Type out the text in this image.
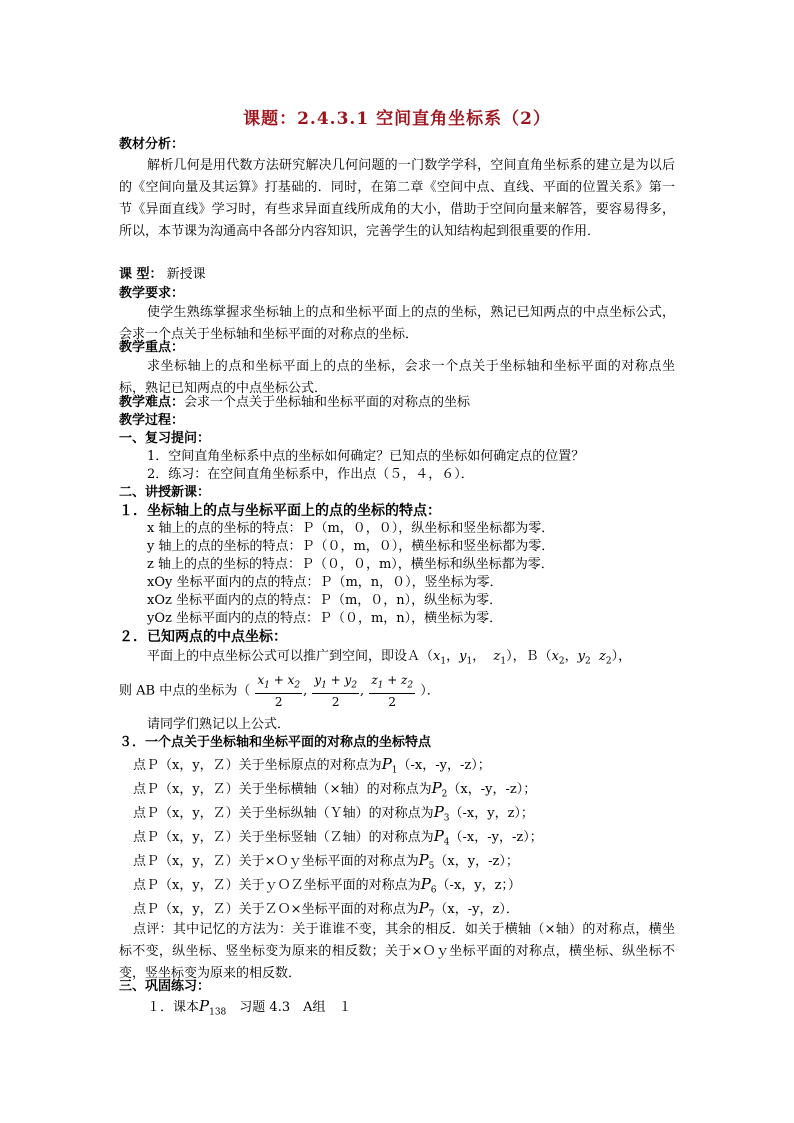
课题：2.4.3.1 空间直角坐标系（2）
教材分析：
解析几何是用代数方法研究解决几何问题的一门数学学科，空间直角坐标系的建立是为以后的《空间向量及其运算》打基础的．同时，在第二章《空间中点、直线、平面的位置关系》第一节《异面直线》学习时，有些求异面直线所成角的大小，借助于空间向量来解答，要容易得多，所以，本节课为沟通高中各部分内容知识，完善学生的认知结构起到很重要的作用．
课 型： 新授课
教学要求：
使学生熟练掌握求坐标轴上的点和坐标平面上的点的坐标，熟记已知两点的中点坐标公式，会求一个点关于坐标轴和坐标平面的对称点的坐标．
教学重点：
求坐标轴上的点和坐标平面上的点的坐标，会求一个点关于坐标轴和坐标平面的对称点坐标，熟记已知两点的中点坐标公式．
教学难点：会求一个点关于坐标轴和坐标平面的对称点的坐标
教学过程：
一、复习提问：
1．空间直角坐标系中点的坐标如何确定？已知点的坐标如何确定点的位置？
2．练习：在空间直角坐标系中，作出点（５，４，６）．
二、讲授新课：
１．坐标轴上的点与坐标平面上的点的坐标的特点：
x 轴上的点的坐标的特点：Ｐ（m，０，０），纵坐标和竖坐标都为零．
y 轴上的点的坐标的特点：Ｐ（０，m，０），横坐标和竖坐标都为零．
z 轴上的点的坐标的特点：Ｐ（０，０，m），横坐标和纵坐标都为零．
xOy 坐标平面内的点的特点：Ｐ（m，n，０），竖坐标为零．
xOz 坐标平面内的点的特点：Ｐ（m，０，n），纵坐标为零．
yOz 坐标平面内的点的特点：Ｐ（０，m，n），横坐标为零．
２．已知两点的中点坐标：
平面上的中点坐标公式可以推广到空间，即设$A(x_1$，$y_1$，  $z_1$），$B(x_2$，$y_2$ $z_2$），
则 AB 中点的坐标为（ $\frac{x_1 + x_2}{2}$ , $\frac{y_1 + y_2}{2}$ , $\frac{z_1 + z_2}{2}$ ）．
请同学们熟记以上公式．
３．一个点关于坐标轴和坐标平面的对称点的坐标特点
点Ｐ（x，y，Ｚ）关于坐标原点的对称点为$P_1(-x$，-y，-z）；
点Ｐ（x，y，Ｚ）关于坐标横轴（×轴）的对称点为$P_2(x$，-y，-z）；
点Ｐ（x，y，Ｚ）关于坐标纵轴（Ｙ轴）的对称点为$P_3(-x$，y，z）；
点Ｐ（x，y，Ｚ）关于坐标竖轴（Ｚ轴）的对称点为$P_4(-x$，-y，-z）；
点Ｐ（x，y，Ｚ）关于×Ｏｙ坐标平面的对称点为$P_5(x$，y，-z）；
点Ｐ（x，y，Ｚ）关于ｙＯＺ坐标平面的对称点为$P_6(-x$，y，z；）
点Ｐ（x，y，Ｚ）关于ＺＯ×坐标平面的对称点为$P_7(x$，-y，z）．
点评：其中记忆的方法为：关于谁谁不变，其余的相反．如关于横轴（×轴）的对称点，横坐标不变，纵坐标、竖坐标变为原来的相反数；关于×Ｏｙ坐标平面的对称点，横坐标、纵坐标不变，竖坐标变为原来的相反数．
三、巩固练习：
１．课本$P_{138}$　习题 4.3　A组　１
